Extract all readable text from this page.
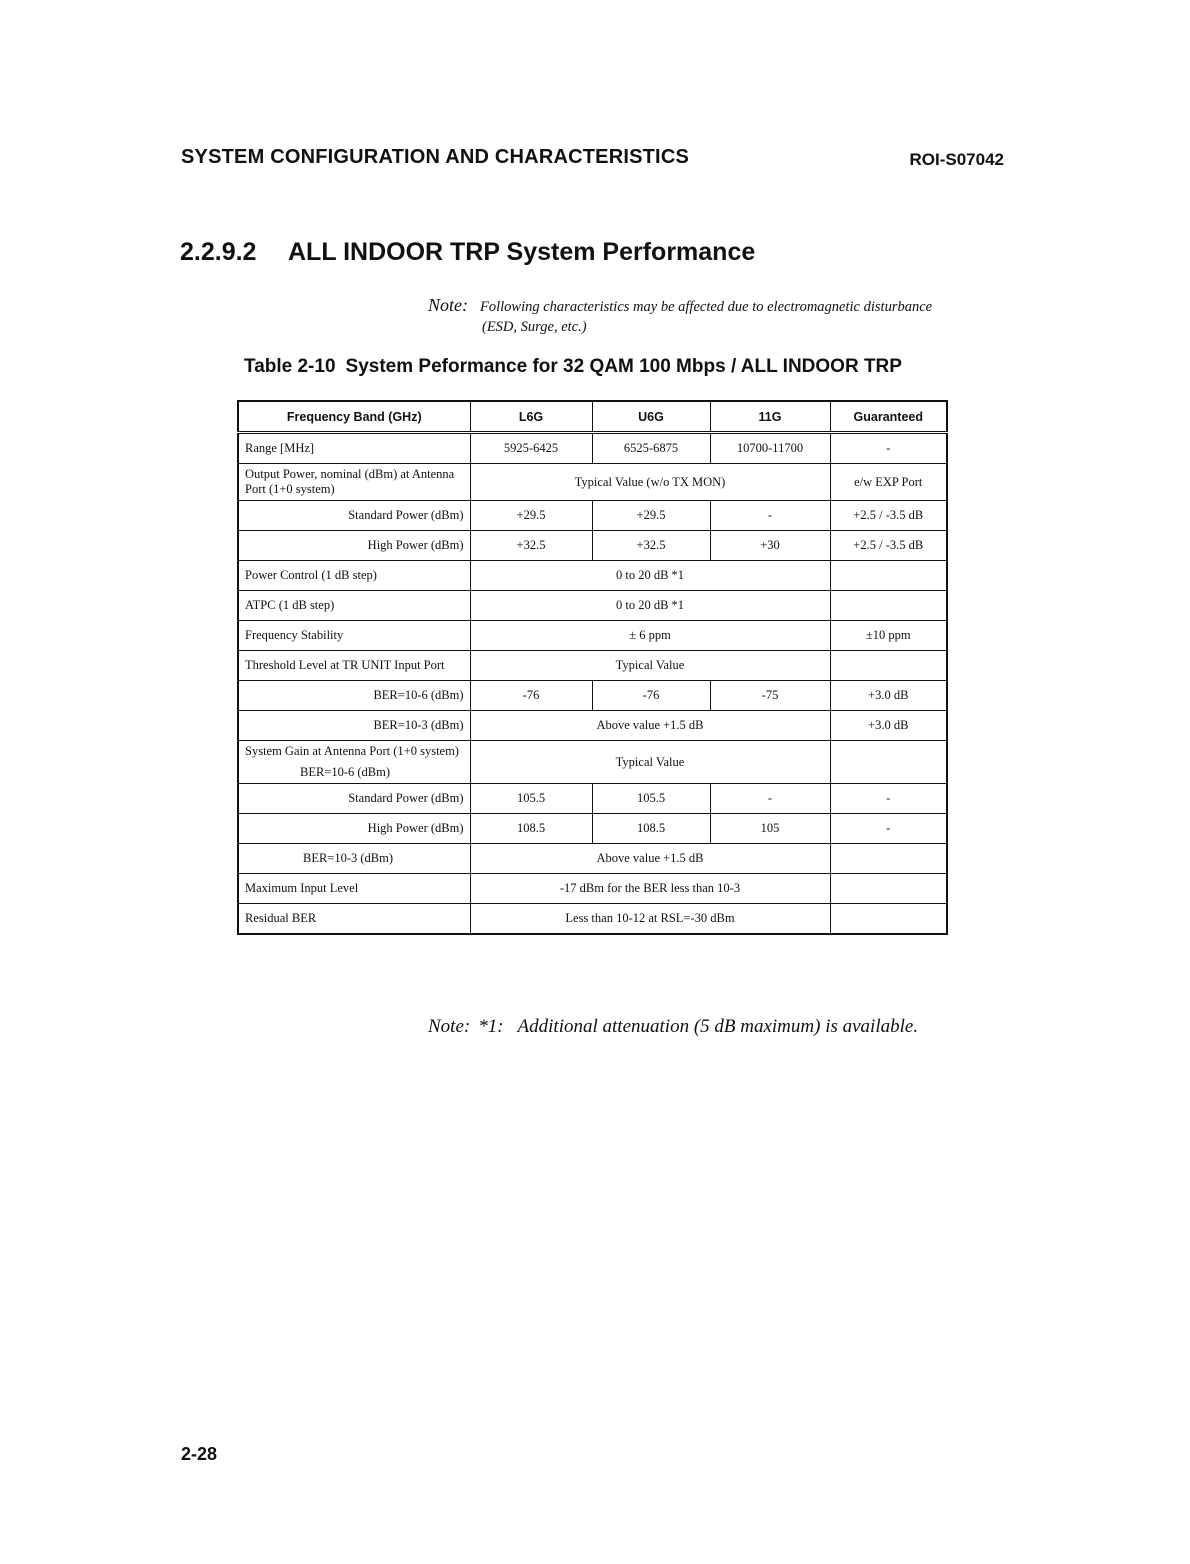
SYSTEM CONFIGURATION AND CHARACTERISTICS	ROI-S07042
2.2.9.2 ALL INDOOR TRP System Performance
Note: Following characteristics may be affected due to electromagnetic disturbance
(ESD, Surge, etc.)
Table 2-10 System Peformance for 32 QAM 100 Mbps / ALL INDOOR TRP
Frequency Band (GHz)	L6G	U6G	11G	Guaranteed
Range [MHz]	5925-6425	6525-6875	10700-11700	-
Output Power, nominal (dBm) at Antenna Port (1+0 system)	Typical Value (w/o TX MON)			e/w EXP Port
Standard Power (dBm)	+29.5	+29.5	-	+2.5 / -3.5 dB
High Power (dBm)	+32.5	+32.5	+30	+2.5 / -3.5 dB
Power Control (1 dB step)	0 to 20 dB *1			
ATPC (1 dB step)	0 to 20 dB *1			
Frequency Stability	± 6 ppm			±10 ppm
Threshold Level at TR UNIT Input Port	Typical Value			
BER=10-6 (dBm)	-76	-76	-75	+3.0 dB
BER=10-3 (dBm)	Above value +1.5 dB			+3.0 dB
System Gain at Antenna Port (1+0 system)
BER=10-6 (dBm)	Typical Value			
Standard Power (dBm)	105.5	105.5	-	-
High Power (dBm)	108.5	108.5	105	-
BER=10-3 (dBm)	Above value +1.5 dB			
Maximum Input Level	-17 dBm for the BER less than 10-3			
Residual BER	Less than 10-12 at RSL=-30 dBm			
Note: *1: Additional attenuation (5 dB maximum) is available.
2-28
